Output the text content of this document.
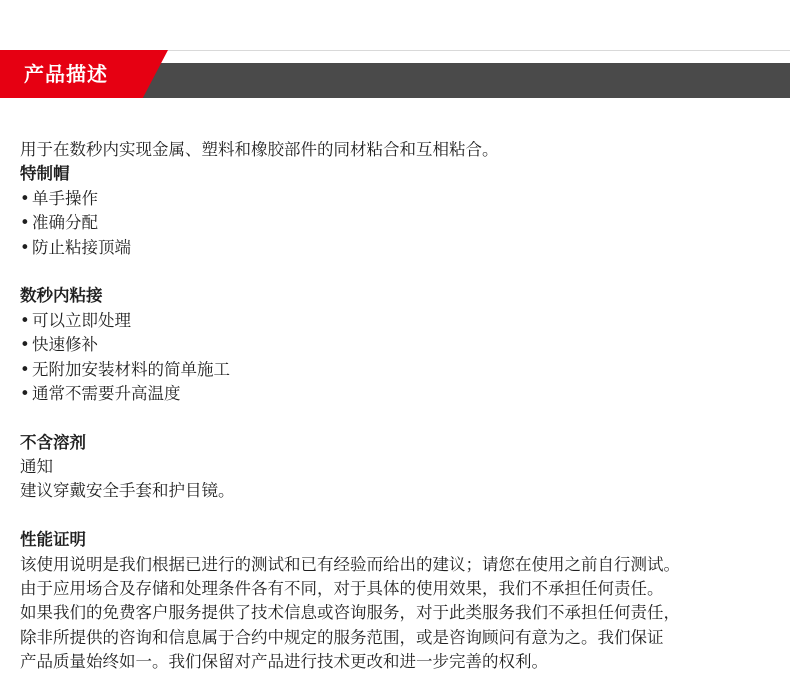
产品描述
用于在数秒内实现金属、塑料和橡胶部件的同材粘合和互相粘合。
特制帽
• 单手操作
• 准确分配
• 防止粘接顶端
数秒内粘接
• 可以立即处理
• 快速修补
• 无附加安装材料的简单施工
• 通常不需要升高温度
不含溶剂
通知
建议穿戴安全手套和护目镜。
性能证明
该使用说明是我们根据已进行的测试和已有经验而给出的建议；请您在使用之前自行测试。
由于应用场合及存储和处理条件各有不同，对于具体的使用效果，我们不承担任何责任。
如果我们的免费客户服务提供了技术信息或咨询服务，对于此类服务我们不承担任何责任，
除非所提供的咨询和信息属于合约中规定的服务范围，或是咨询顾问有意为之。我们保证
产品质量始终如一。我们保留对产品进行技术更改和进一步完善的权利。
